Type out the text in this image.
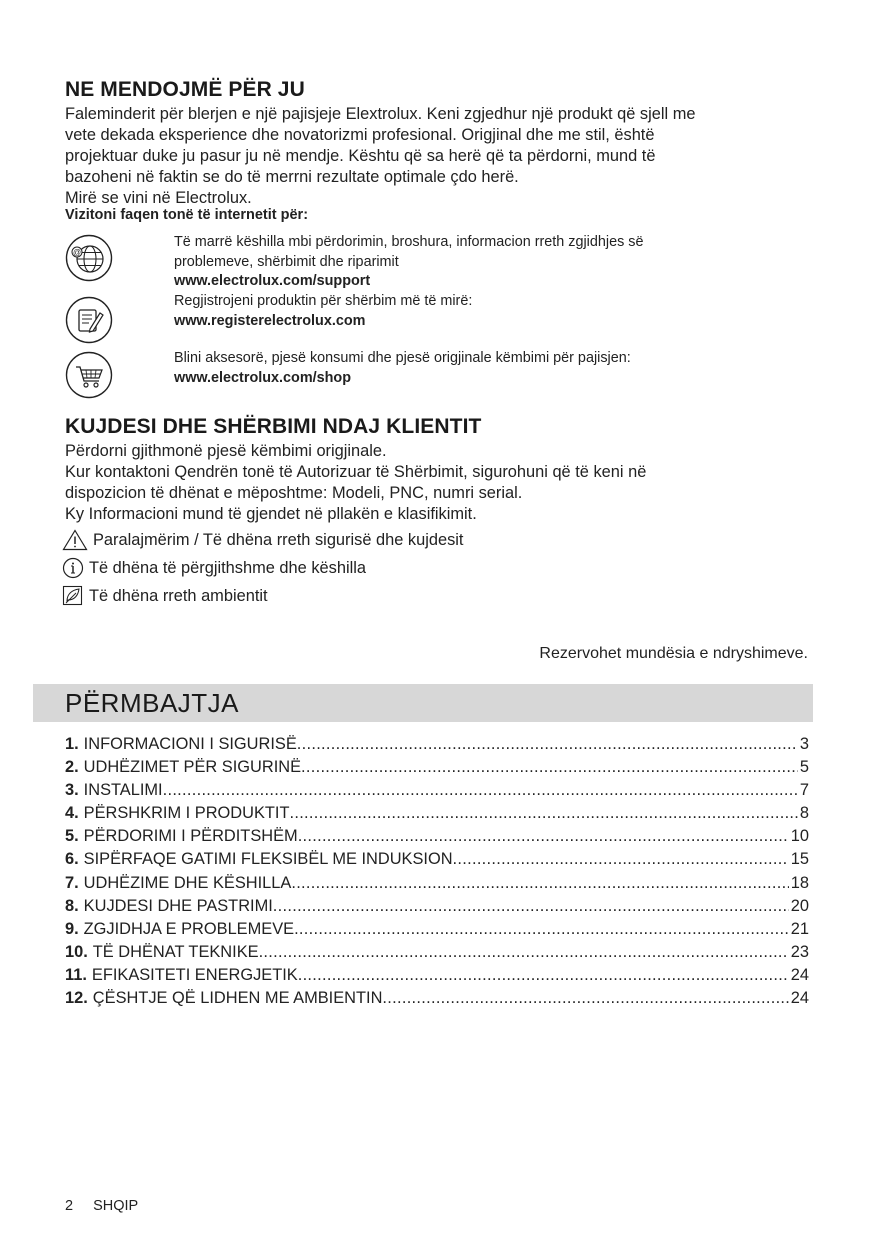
NE MENDOJMË PËR JU

Faleminderit për blerjen e një pajisjeje Elextrolux. Keni zgjedhur një produkt që sjell me

vete dekada eksperience dhe novatorizmi profesional. Origjinal dhe me stil, është

projektuar duke ju pasur ju në mendje. Kështu që sa herë që ta përdorni, mund të

bazoheni në faktin se do të merrni rezultate optimale çdo herë.

Mirë se vini në Electrolux.

Vizitoni faqen tonë të internetit për:
@
Të marrë këshilla mbi përdorimin, broshura, informacion rreth zgjidhjes së
problemeve, shërbimit dhe riparimit
www.electrolux.com/support
Regjistrojeni produktin për shërbim më të mirë:
www.registerelectrolux.com
Blini aksesorë, pjesë konsumi dhe pjesë origjinale këmbimi për pajisjen:
www.electrolux.com/shop
KUJDESI DHE SHËRBIMI NDAJ KLIENTIT

Përdorni gjithmonë pjesë këmbimi origjinale.

Kur kontaktoni Qendrën tonë të Autorizuar të Shërbimit, sigurohuni që të keni në

dispozicion të dhënat e mëposhtme: Modeli, PNC, numri serial.

Ky Informacioni mund të gjendet në pllakën e klasifikimit.

Paralajmërim / Të dhëna rreth sigurisë dhe kujdesit
Të dhëna të përgjithshme dhe këshilla
Të dhëna rreth ambientit
Rezervohet mundësia e ndryshimeve.
PËRMBAJTJA
1. INFORMACIONI I SIGURISË .....	3
2. UDHËZIMET PËR SIGURINË .....	5
3. INSTALIMI .....	7
4. PËRSHKRIM I PRODUKTIT .....	8
5. PËRDORIMI I PËRDITSHËM .....	10
6. SIPËRFAQE GATIMI FLEKSIBËL ME INDUKSION .....	15
7. UDHËZIME DHE KËSHILLA .....	18
8. KUJDESI DHE PASTRIMI .....	20
9. ZGJIDHJA E PROBLEMEVE .....	21
10. TË DHËNAT TEKNIKE .....	23
11. EFIKASITETI ENERGJETIK .....	24
12. ÇËSHTJE QË LIDHEN ME AMBIENTIN .....	24
2 SHQIP
